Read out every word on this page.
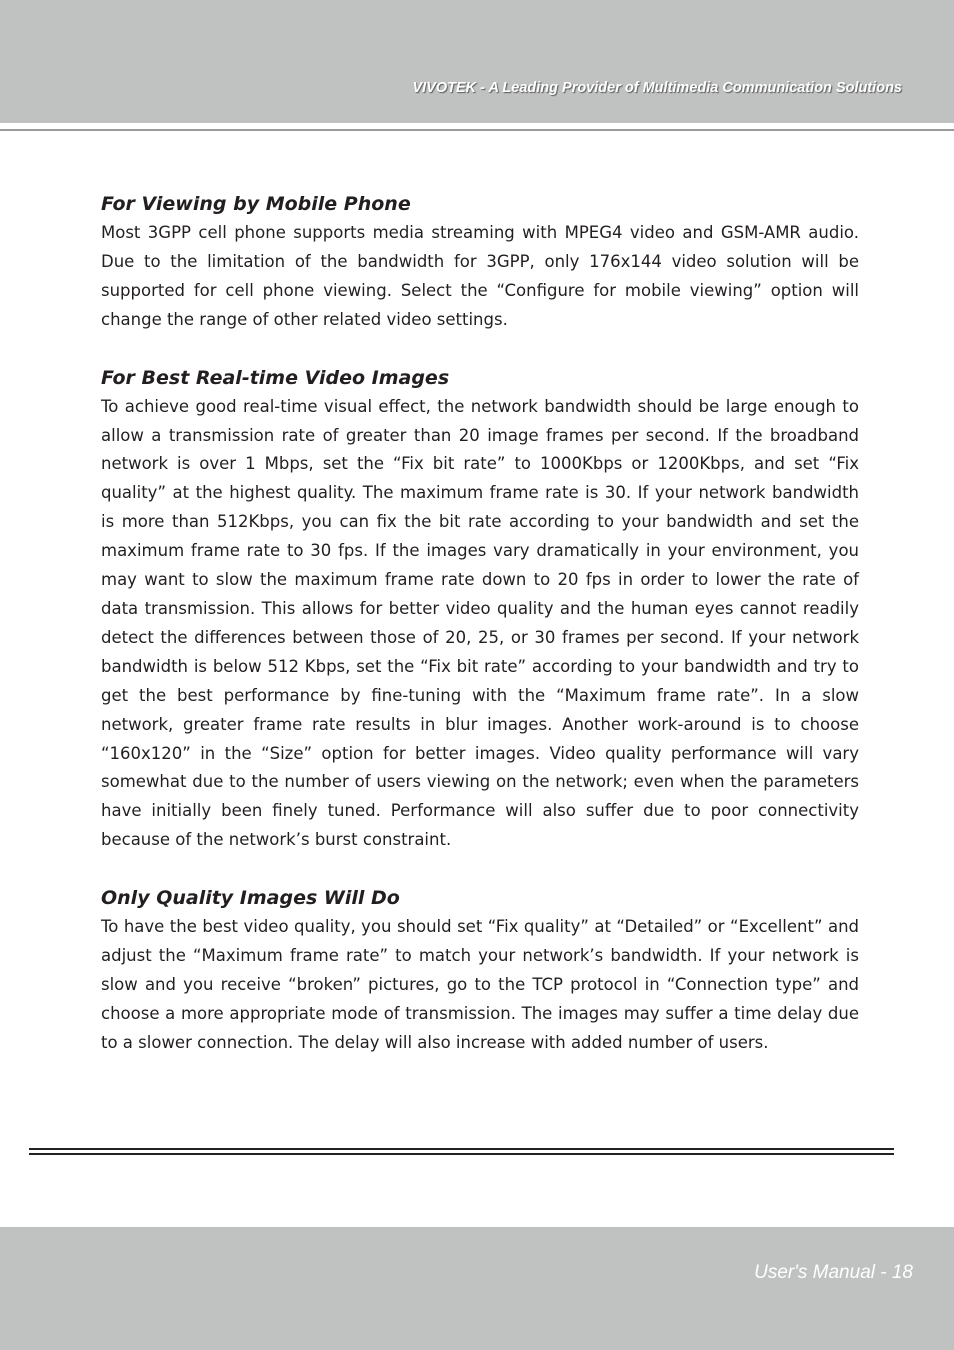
VIVOTEK - A Leading Provider of Multimedia Communication Solutions
For Viewing by Mobile Phone

Most 3GPP cell phone supports media streaming with MPEG4 video and GSM-AMR audio. Due to the limitation of the bandwidth for 3GPP, only 176x144 video solution will be supported for cell phone viewing. Select the “Configure for mobile viewing” option will change the range of other related video settings.

For Best Real-time Video Images

To achieve good real-time visual effect, the network bandwidth should be large enough to allow a transmission rate of greater than 20 image frames per second. If the broadband network is over 1 Mbps, set the “Fix bit rate” to 1000Kbps or 1200Kbps, and set “Fix quality” at the highest quality. The maximum frame rate is 30. If your network bandwidth is more than 512Kbps, you can fix the bit rate according to your bandwidth and set the maximum frame rate to 30 fps. If the images vary dramatically in your environment, you may want to slow the maximum frame rate down to 20 fps in order to lower the rate of data transmission. This allows for better video quality and the human eyes cannot readily detect the differences between those of 20, 25, or 30 frames per second. If your network bandwidth is below 512 Kbps, set the “Fix bit rate” according to your bandwidth and try to get the best performance by fine-tuning with the “Maximum frame rate”. In a slow network, greater frame rate results in blur images. Another work-around is to choose “160x120” in the “Size” option for better images. Video quality performance will vary somewhat due to the number of users viewing on the network; even when the parameters have initially been finely tuned. Performance will also suffer due to poor connectivity because of the network’s burst constraint.

Only Quality Images Will Do

To have the best video quality, you should set “Fix quality” at “Detailed” or “Excellent” and adjust the “Maximum frame rate” to match your network’s bandwidth. If your network is slow and you receive “broken” pictures, go to the TCP protocol in “Connection type” and choose a more appropriate mode of transmission. The images may suffer a time delay due to a slower connection. The delay will also increase with added number of users.

User's Manual - 18
